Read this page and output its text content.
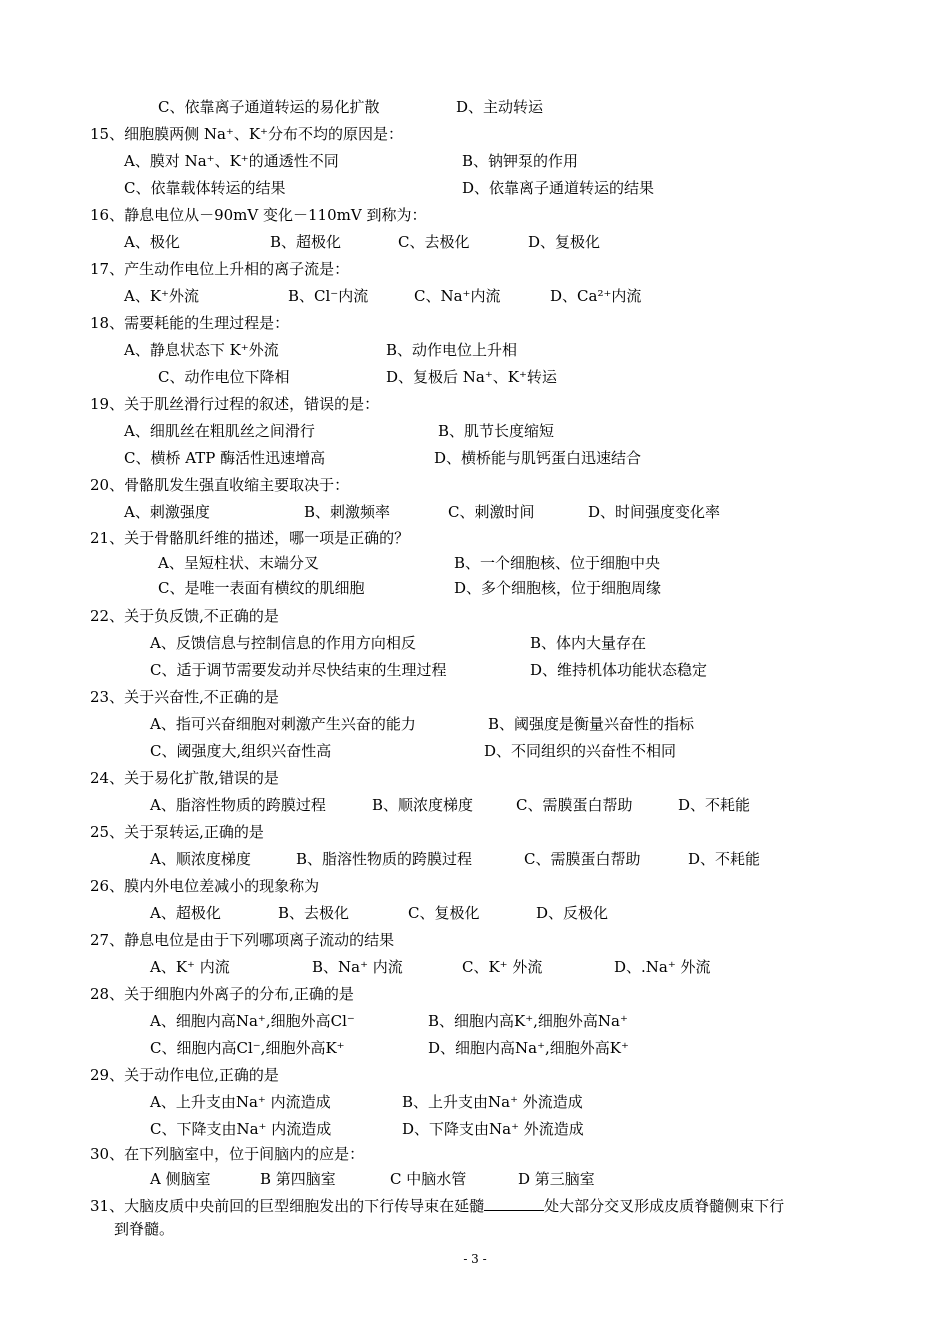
C、依靠离子通道转运的易化扩散	D、主动转运
15、细胞膜两侧 Na⁺、K⁺分布不均的原因是：
A、膜对 Na⁺、K⁺的通透性不同	B、钠钾泵的作用
C、依靠载体转运的结果	D、依靠离子通道转运的结果
16、静息电位从－90mV 变化－110mV 到称为：
A、极化	B、超极化	C、去极化	D、复极化
17、产生动作电位上升相的离子流是：
A、K⁺外流	B、Cl⁻内流	C、Na⁺内流	D、Ca²⁺内流
18、需要耗能的生理过程是：
A、静息状态下 K⁺外流	B、动作电位上升相
C、动作电位下降相	D、复极后 Na⁺、K⁺转运
19、关于肌丝滑行过程的叙述，错误的是：
A、细肌丝在粗肌丝之间滑行	B、肌节长度缩短
C、横桥 ATP 酶活性迅速增高	D、横桥能与肌钙蛋白迅速结合
20、骨骼肌发生强直收缩主要取决于：
A、刺激强度	B、刺激频率	C、刺激时间	D、时间强度变化率
21、关于骨骼肌纤维的描述，哪一项是正确的？
A、呈短柱状、末端分叉	B、一个细胞核、位于细胞中央
C、是唯一表面有横纹的肌细胞	D、多个细胞核，位于细胞周缘
22、关于负反馈,不正确的是
A、反馈信息与控制信息的作用方向相反	B、体内大量存在
C、适于调节需要发动并尽快结束的生理过程	D、维持机体功能状态稳定
23、关于兴奋性,不正确的是
A、指可兴奋细胞对刺激产生兴奋的能力	B、阈强度是衡量兴奋性的指标
C、阈强度大,组织兴奋性高	D、不同组织的兴奋性不相同
24、关于易化扩散,错误的是
A、脂溶性物质的跨膜过程	B、顺浓度梯度	C、需膜蛋白帮助	D、不耗能
25、关于泵转运,正确的是
A、顺浓度梯度	B、脂溶性物质的跨膜过程	C、需膜蛋白帮助	D、不耗能
26、膜内外电位差减小的现象称为
A、超极化	B、去极化	C、复极化	D、反极化
27、静息电位是由于下列哪项离子流动的结果
A、K⁺ 内流	B、Na⁺ 内流	C、K⁺ 外流	D、.Na⁺ 外流
28、关于细胞内外离子的分布,正确的是
A、细胞内高Na⁺,细胞外高Cl⁻	B、细胞内高K⁺,细胞外高Na⁺
C、细胞内高Cl⁻,细胞外高K⁺	D、细胞内高Na⁺,细胞外高K⁺
29、关于动作电位,正确的是
A、上升支由Na⁺ 内流造成	B、上升支由Na⁺ 外流造成
C、下降支由Na⁺ 内流造成	D、下降支由Na⁺ 外流造成
30、在下列脑室中，位于间脑内的应是：
A 侧脑室	B 第四脑室	C 中脑水管	D 第三脑室
31、大脑皮质中央前回的巨型细胞发出的下行传导束在延髓	处大部分交叉形成皮质脊髓侧束下行
到脊髓。
- 3 -
